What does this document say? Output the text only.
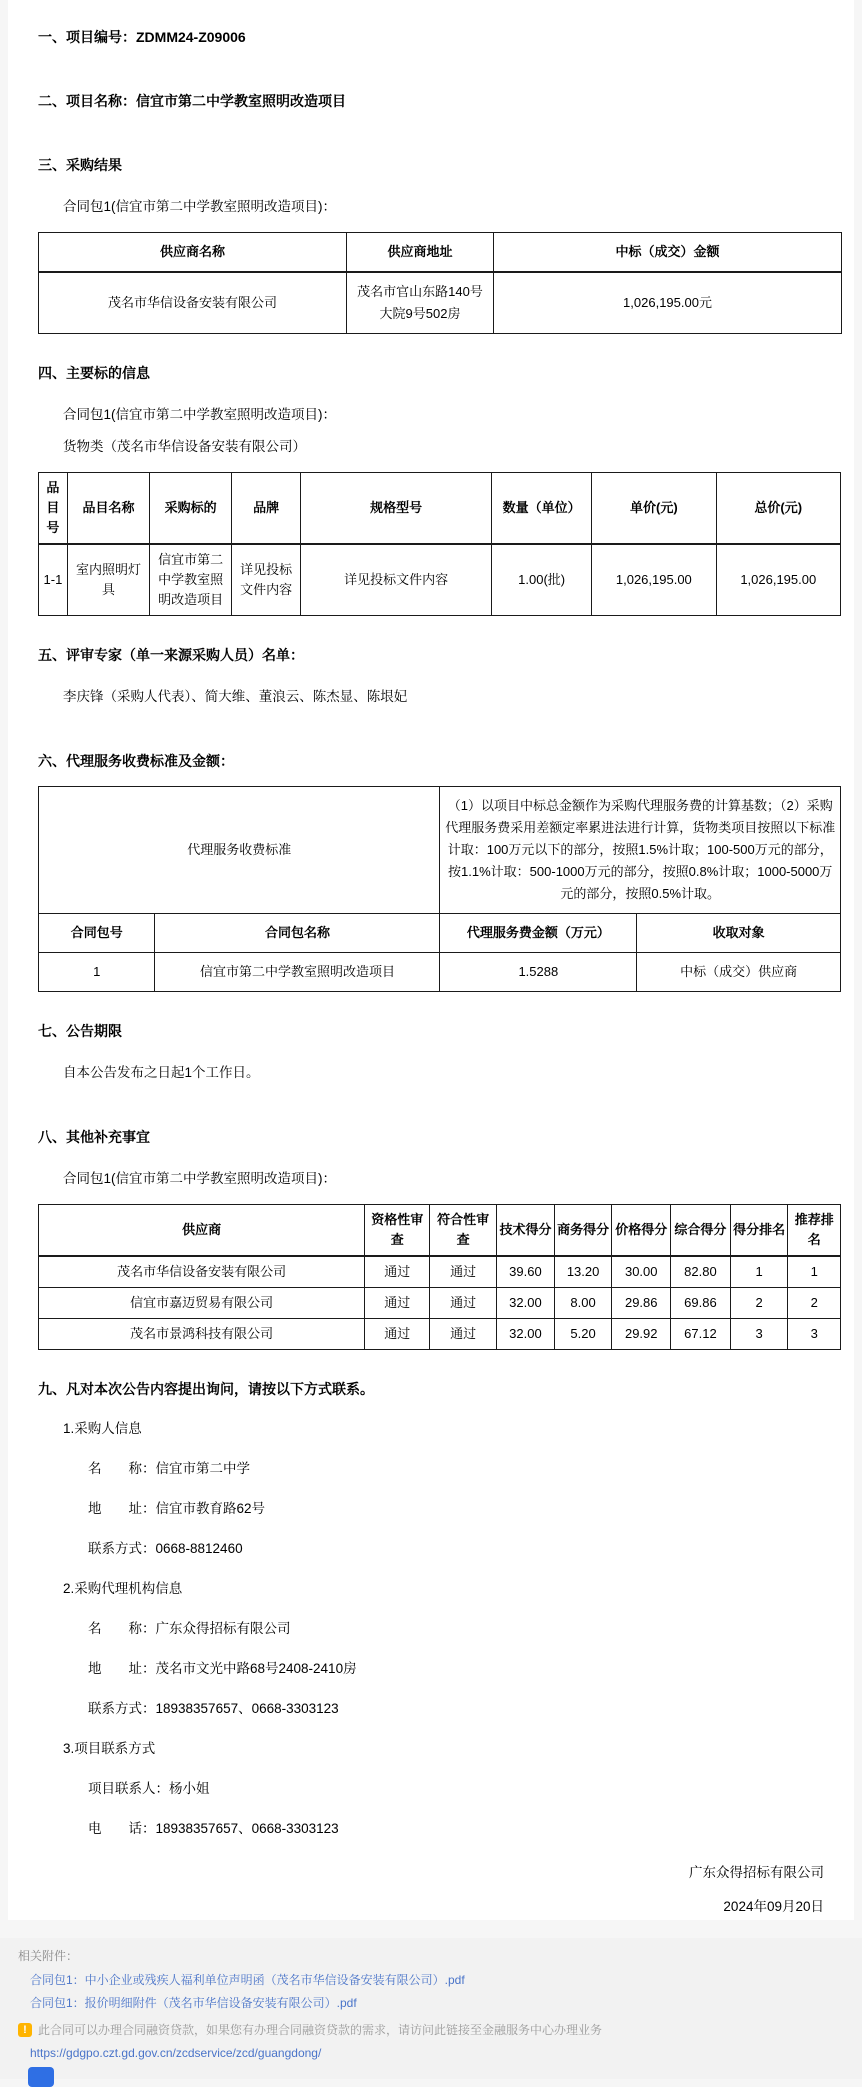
一、项目编号：ZDMM24-Z09006
二、项目名称：信宜市第二中学教室照明改造项目
三、采购结果
合同包1(信宜市第二中学教室照明改造项目)：
供应商名称	供应商地址	中标（成交）金额
茂名市华信设备安装有限公司	茂名市官山东路140号大院9号502房	1,026,195.00元
四、主要标的信息
合同包1(信宜市第二中学教室照明改造项目)：
货物类（茂名市华信设备安装有限公司）
品目号	品目名称	采购标的	品牌	规格型号	数量（单位）	单价(元)	总价(元)
1-1	室内照明灯具	信宜市第二中学教室照明改造项目	详见投标文件内容	详见投标文件内容	1.00(批)	1,026,195.00	1,026,195.00
五、评审专家（单一来源采购人员）名单：
李庆锋（采购人代表）、简大维、董浪云、陈杰显、陈垠妃
六、代理服务收费标准及金额：
代理服务收费标准		（1）以项目中标总金额作为采购代理服务费的计算基数；（2）采购代理服务费采用差额定率累进法进行计算，货物类项目按照以下标准计取：100万元以下的部分，按照1.5%计取；100-500万元的部分，按1.1%计取：500-1000万元的部分，按照0.8%计取；1000-5000万元的部分，按照0.5%计取。	
合同包号	合同包名称	代理服务费金额（万元）	收取对象
1	信宜市第二中学教室照明改造项目	1.5288	中标（成交）供应商
七、公告期限
自本公告发布之日起1个工作日。
八、其他补充事宜
合同包1(信宜市第二中学教室照明改造项目)：
供应商	资格性审查	符合性审查	技术得分	商务得分	价格得分	综合得分	得分排名	推荐排名
茂名市华信设备安装有限公司	通过	通过	39.60	13.20	30.00	82.80	1	1
信宜市嘉迈贸易有限公司	通过	通过	32.00	8.00	29.86	69.86	2	2
茂名市景鸿科技有限公司	通过	通过	32.00	5.20	29.92	67.12	3	3
九、凡对本次公告内容提出询问，请按以下方式联系。
1.采购人信息
名　　称：信宜市第二中学
地　　址：信宜市教育路62号
联系方式：0668-8812460
2.采购代理机构信息
名　　称：广东众得招标有限公司
地　　址：茂名市文光中路68号2408-2410房
联系方式：18938357657、0668-3303123
3.项目联系方式
项目联系人：杨小姐
电　　话：18938357657、0668-3303123
广东众得招标有限公司
2024年09月20日
相关附件：
合同包1：中小企业或残疾人福利单位声明函（茂名市华信设备安装有限公司）.pdf
合同包1：报价明细附件（茂名市华信设备安装有限公司）.pdf
! 此合同可以办理合同融资贷款，如果您有办理合同融资贷款的需求，请访问此链接至金融服务中心办理业务
https://gdgpo.czt.gd.gov.cn/zcdservice/zcd/guangdong/
